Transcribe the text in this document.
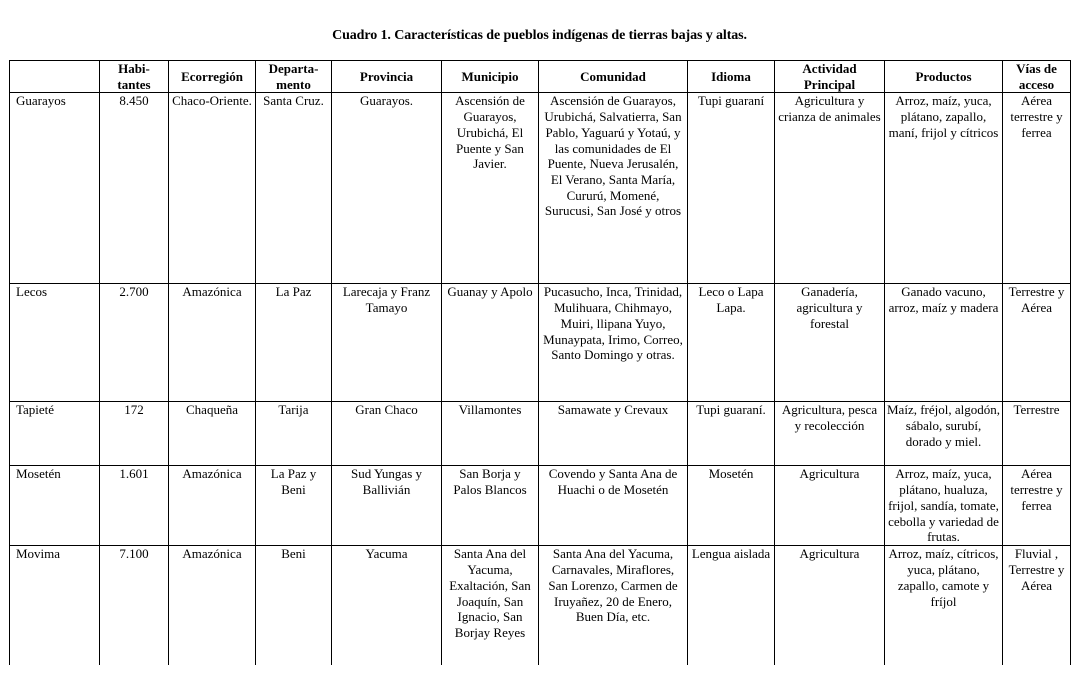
Cuadro 1. Características de pueblos indígenas de tierras bajas y altas.
	Habi-tantes	Ecorregión	Departa-mento	Provincia	Municipio	Comunidad	Idioma	Actividad Principal	Productos	Vías de acceso
Guarayos	8.450	Chaco-Oriente.	Santa Cruz.	Guarayos.	Ascensión de Guarayos, Urubichá, El Puente y San Javier.	Ascensión de Guarayos, Urubichá, Salvatierra, San Pablo, Yaguarú y Yotaú, y las comunidades de El Puente, Nueva Jerusalén, El Verano, Santa María, Cururú, Momené, Surucusi, San José y otros	Tupi guaraní	Agricultura y crianza de animales	Arroz, maíz, yuca, plátano, zapallo, maní, frijol y cítricos	Aérea terrestre y ferrea
Lecos	2.700	Amazónica	La Paz	Larecaja y Franz Tamayo	Guanay y Apolo	Pucasucho, Inca, Trinidad, Mulihuara, Chihmayo, Muiri, llipana Yuyo, Munaypata, Irimo, Correo, Santo Domingo y otras.	Leco o Lapa Lapa.	Ganadería, agricultura y forestal	Ganado vacuno, arroz, maíz y madera	Terrestre y Aérea
Tapieté	172	Chaqueña	Tarija	Gran Chaco	Villamontes	Samawate y Crevaux	Tupi guaraní.	Agricultura, pesca y recolección	Maíz, fréjol, algodón, sábalo, surubí, dorado y miel.	Terrestre
Mosetén	1.601	Amazónica	La Paz y Beni	Sud Yungas y Ballivián	San Borja y Palos Blancos	Covendo y Santa Ana de Huachi o de Mosetén	Mosetén	Agricultura	Arroz, maíz, yuca, plátano, hualuza, frijol, sandía, tomate, cebolla y variedad de frutas.	Aérea terrestre y ferrea
Movima	7.100	Amazónica	Beni	Yacuma	Santa Ana del Yacuma, Exaltación, San Joaquín, San Ignacio, San Borjay Reyes	Santa Ana del Yacuma, Carnavales, Miraflores, San Lorenzo, Carmen de Iruyañez, 20 de Enero, Buen Día, etc.	Lengua aislada	Agricultura	Arroz, maíz, cítricos, yuca, plátano, zapallo, camote y fríjol	Fluvial , Terrestre y Aérea
